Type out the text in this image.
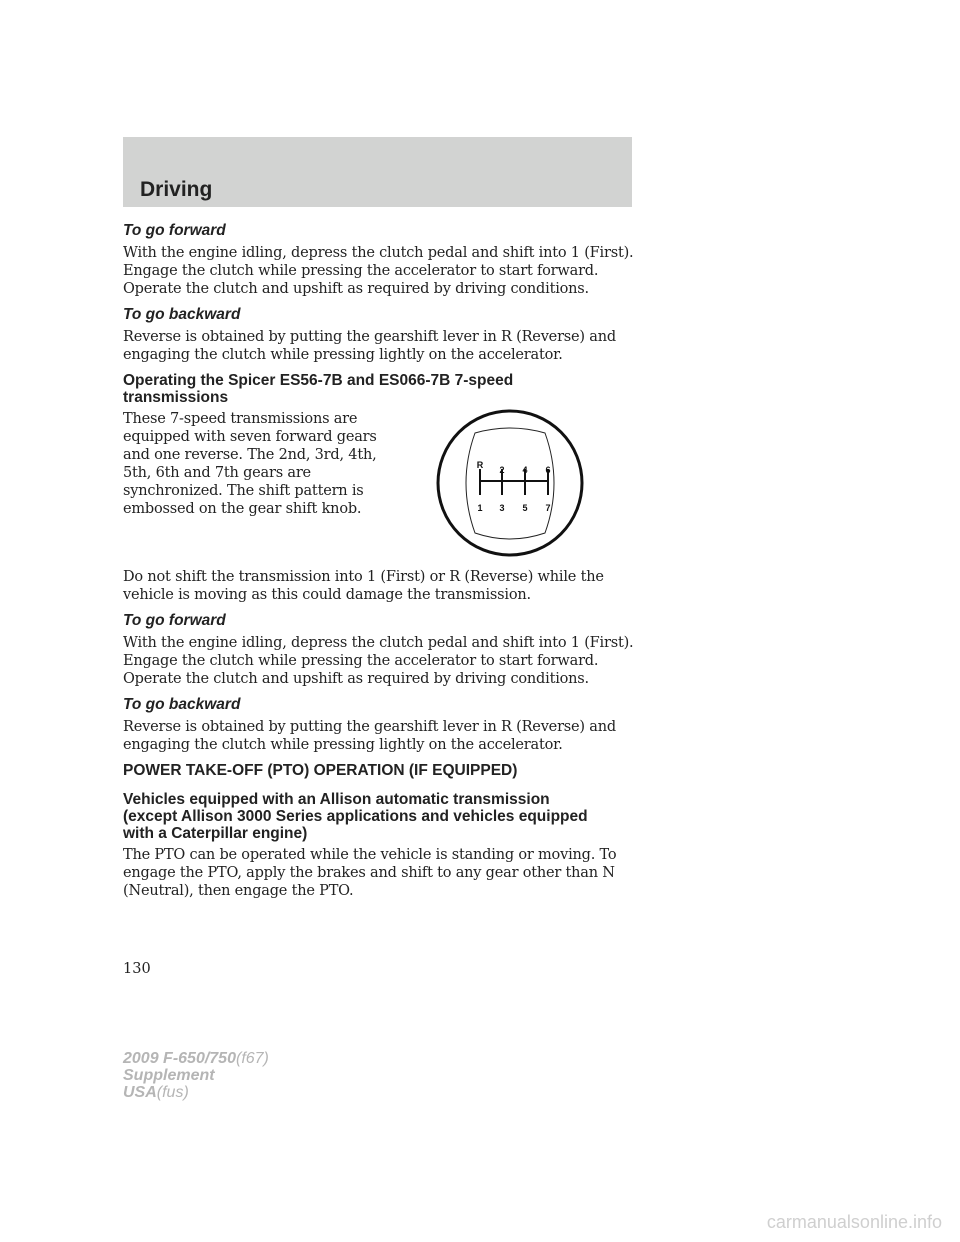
Driving
To go forward
With the engine idling, depress the clutch pedal and shift into 1 (First). Engage the clutch while pressing the accelerator to start forward. Operate the clutch and upshift as required by driving conditions.
To go backward
Reverse is obtained by putting the gearshift lever in R (Reverse) and engaging the clutch while pressing lightly on the accelerator.
Operating the Spicer ES56-7B and ES066-7B 7-speed transmissions
These 7-speed transmissions are equipped with seven forward gears and one reverse. The 2nd, 3rd, 4th, 5th, 6th and 7th gears are synchronized. The shift pattern is embossed on the gear shift knob.
Do not shift the transmission into 1 (First) or R (Reverse) while the vehicle is moving as this could damage the transmission.
To go forward
With the engine idling, depress the clutch pedal and shift into 1 (First). Engage the clutch while pressing the accelerator to start forward. Operate the clutch and upshift as required by driving conditions.
To go backward
Reverse is obtained by putting the gearshift lever in R (Reverse) and engaging the clutch while pressing lightly on the accelerator.
POWER TAKE-OFF (PTO) OPERATION (IF EQUIPPED)
Vehicles equipped with an Allison automatic transmission (except Allison 3000 Series applications and vehicles equipped with a Caterpillar engine)
The PTO can be operated while the vehicle is standing or moving. To engage the PTO, apply the brakes and shift to any gear other than N (Neutral), then engage the PTO.
R 2 4 6
1 3 5 7
130
2009 F-650/750(f67)
Supplement
USA(fus)
carmanualsonline.info
